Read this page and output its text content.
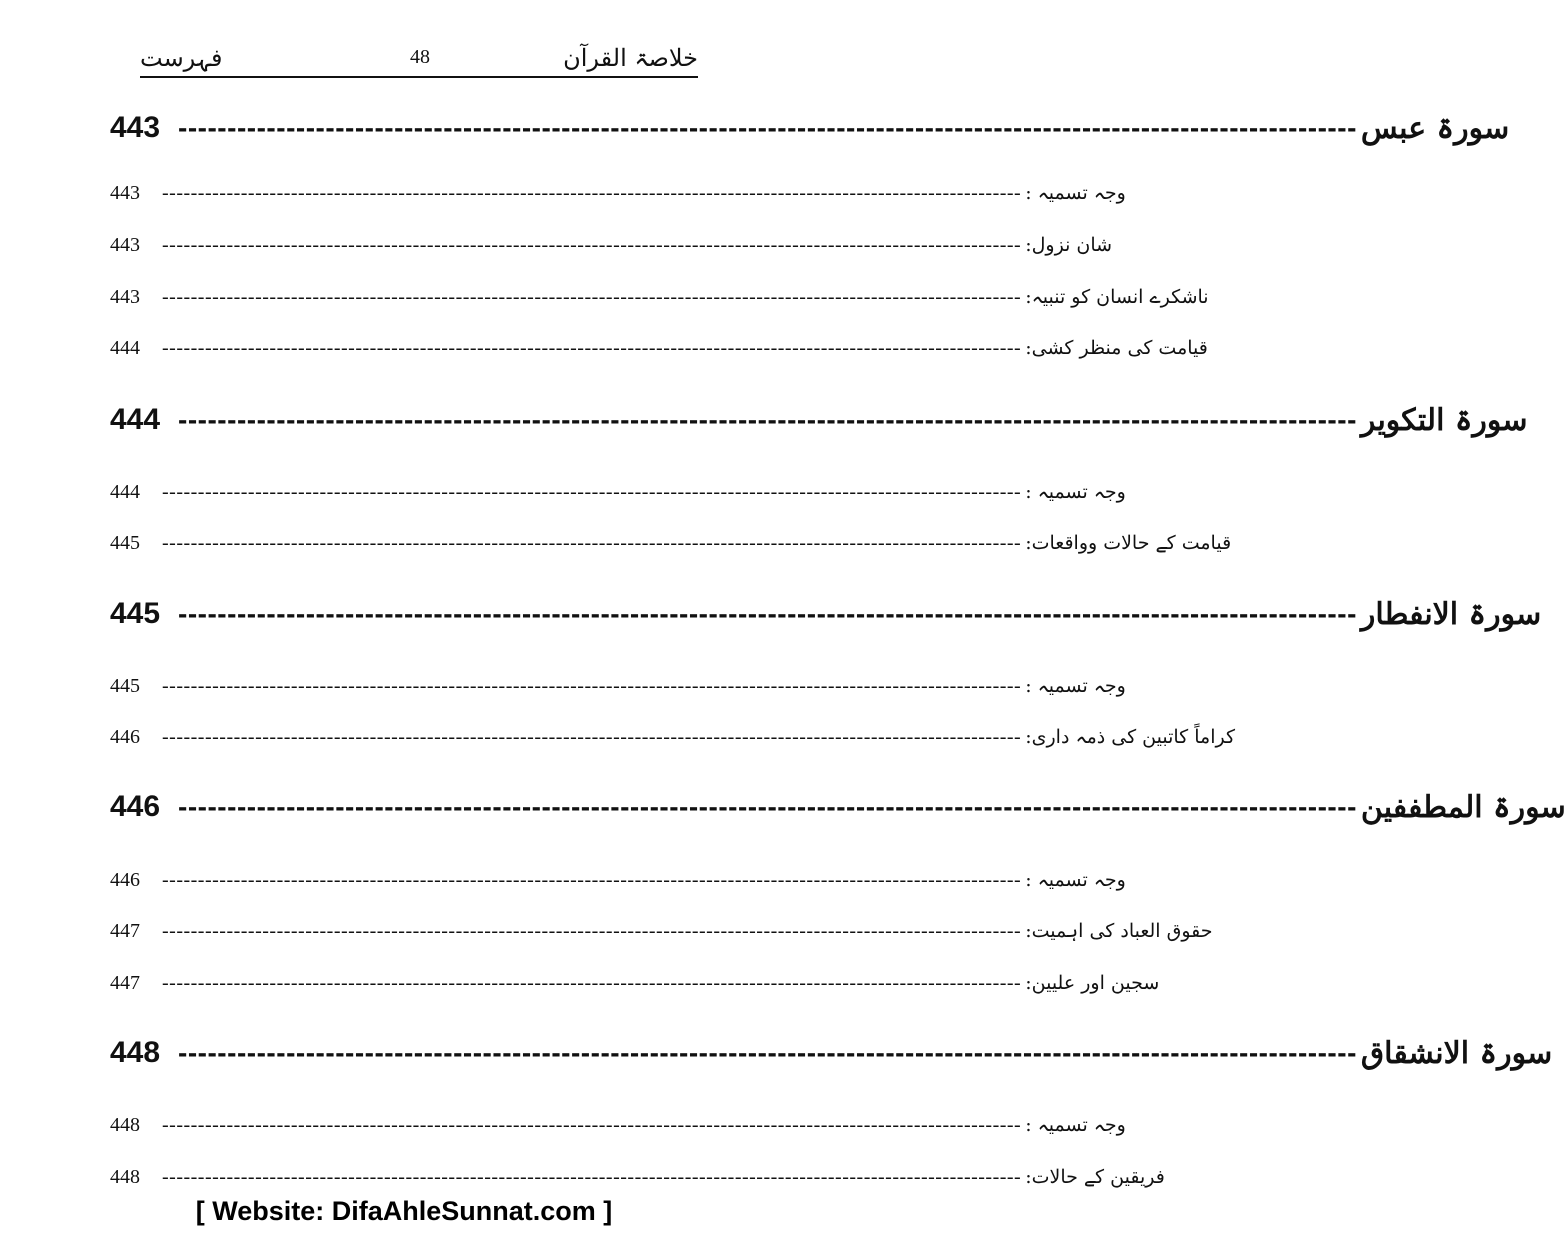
خلاصۃ القرآن
48
فہرست
443 ------------------------------------------------------------------------------------------------------------------------ سورۃ عبس
443	------------------------------------------------------------------------------------------------------------------------ وجہ تسمیہ :
443	------------------------------------------------------------------------------------------------------------------------ شان نزول:
443	------------------------------------------------------------------------------------------------------------------------ ناشکرے انسان کو تنبیہ:
444	------------------------------------------------------------------------------------------------------------------------ قیامت کی منظر کشی:
444 ------------------------------------------------------------------------------------------------------------------------ سورۃ التکویر
444	------------------------------------------------------------------------------------------------------------------------ وجہ تسمیہ :
445	------------------------------------------------------------------------------------------------------------------------ قیامت کے حالات وواقعات:
445 ------------------------------------------------------------------------------------------------------------------------ سورۃ الانفطار
445	------------------------------------------------------------------------------------------------------------------------ وجہ تسمیہ :
446	------------------------------------------------------------------------------------------------------------------------ کراماً کاتبین کی ذمہ داری:
446 ------------------------------------------------------------------------------------------------------------------------ سورۃ المطففین
446	------------------------------------------------------------------------------------------------------------------------ وجہ تسمیہ :
447	------------------------------------------------------------------------------------------------------------------------ حقوق العباد کی اہمیت:
447	------------------------------------------------------------------------------------------------------------------------ سجین اور علیین:
448 ------------------------------------------------------------------------------------------------------------------------ سورۃ الانشقاق
448	------------------------------------------------------------------------------------------------------------------------ وجہ تسمیہ :
448	------------------------------------------------------------------------------------------------------------------------ فریقین کے حالات:
[ Website: DifaAhleSunnat.com ]
